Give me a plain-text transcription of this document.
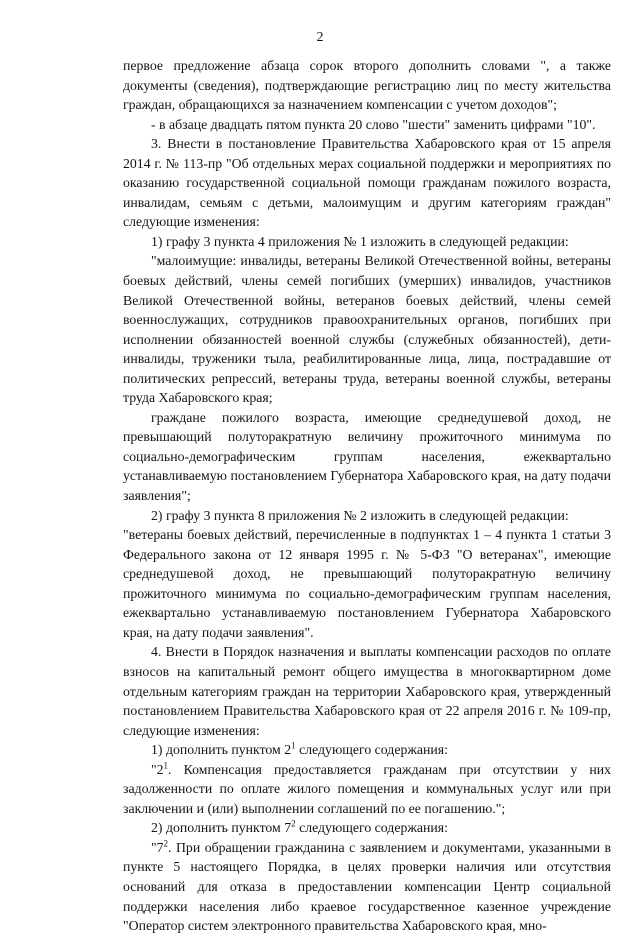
2

первое предложение абзаца сорок второго дополнить словами ", а также документы (сведения), подтверждающие регистрацию лиц по месту жительства граждан, обращающихся за назначением компенсации с учетом доходов";

- в абзаце двадцать пятом пункта 20 слово "шести" заменить цифрами "10".

3. Внести в постановление Правительства Хабаровского края от 15 апреля 2014 г. № 113-пр "Об отдельных мерах социальной поддержки и мероприятиях по оказанию государственной социальной помощи гражданам пожилого возраста, инвалидам, семьям с детьми, малоимущим и другим категориям граждан" следующие изменения:

1) графу 3 пункта 4 приложения № 1 изложить в следующей редакции:

"малоимущие: инвалиды, ветераны Великой Отечественной войны, ветераны боевых действий, члены семей погибших (умерших) инвалидов, участников Великой Отечественной войны, ветеранов боевых действий, члены семей военнослужащих, сотрудников правоохранительных органов, погибших при исполнении обязанностей военной службы (служебных обязанностей), дети-инвалиды, труженики тыла, реабилитированные лица, лица, пострадавшие от политических репрессий, ветераны труда, ветераны военной службы, ветераны труда Хабаровского края;

граждане пожилого возраста, имеющие среднедушевой доход, не превышающий полуторакратную величину прожиточного минимума по социально-демографическим группам населения, ежеквартально устанавливаемую постановлением Губернатора Хабаровского края, на дату подачи заявления";

2) графу 3 пункта 8 приложения № 2 изложить в следующей редакции:

"ветераны боевых действий, перечисленные в подпунктах 1 – 4 пункта 1 статьи 3 Федерального закона от 12 января 1995 г. № 5-ФЗ "О ветеранах", имеющие среднедушевой доход, не превышающий полуторакратную величину прожиточного минимума по социально-демографическим группам населения, ежеквартально устанавливаемую постановлением Губернатора Хабаровского края, на дату подачи заявления".

4. Внести в Порядок назначения и выплаты компенсации расходов по оплате взносов на капитальный ремонт общего имущества в многоквартирном доме отдельным категориям граждан на территории Хабаровского края, утвержденный постановлением Правительства Хабаровского края от 22 апреля 2016 г. № 109-пр, следующие изменения:

1) дополнить пунктом $2^1$ следующего содержания:

"$2^1$. Компенсация предоставляется гражданам при отсутствии у них задолженности по оплате жилого помещения и коммунальных услуг или при заключении и (или) выполнении соглашений по ее погашению.";

2) дополнить пунктом $7^2$ следующего содержания:

"$7^2$. При обращении гражданина с заявлением и документами, указанными в пункте 5 настоящего Порядка, в целях проверки наличия или отсутствия оснований для отказа в предоставлении компенсации Центр социальной поддержки населения либо краевое государственное казенное учреждение "Оператор систем электронного правительства Хабаровского края, мно-
